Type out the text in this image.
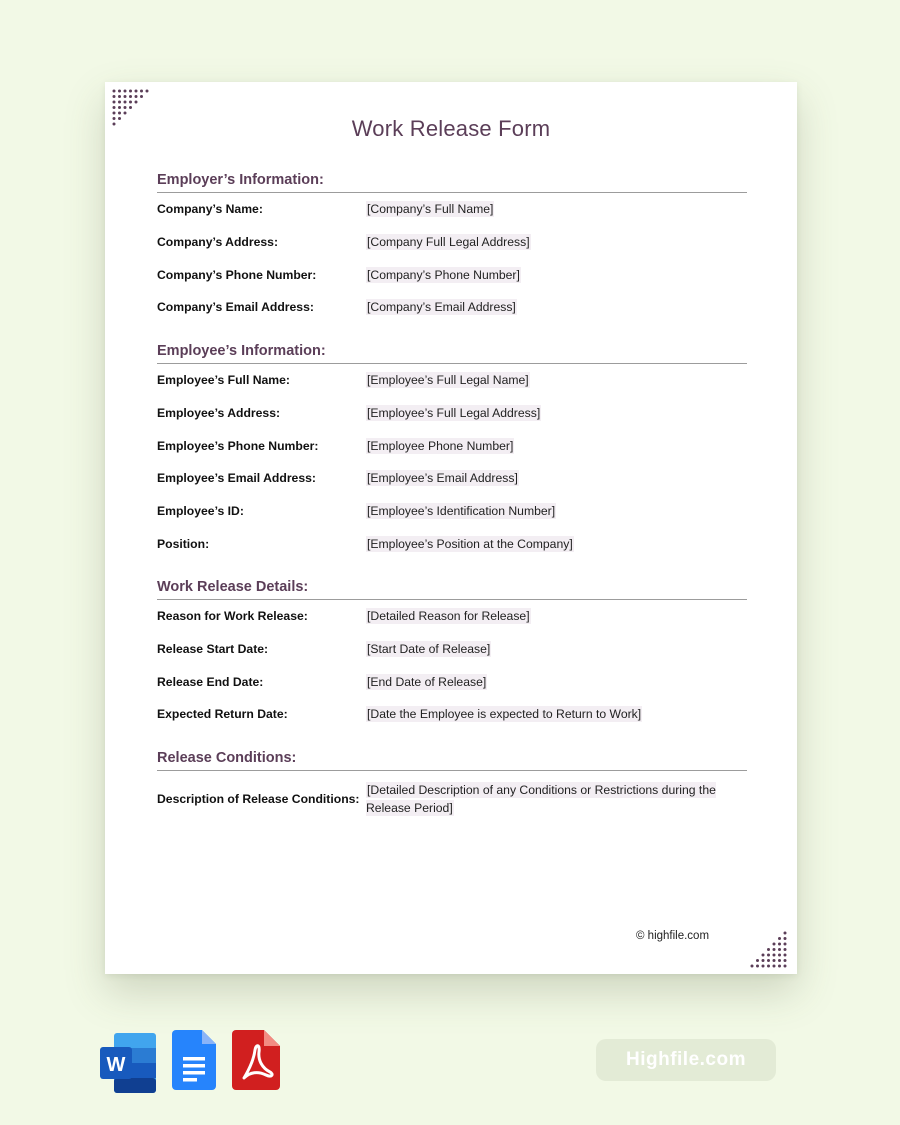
Work Release Form
Employer’s Information:
Company’s Name:	[Company’s Full Name]
Company’s Address:	[Company Full Legal Address]
Company’s Phone Number:	[Company’s Phone Number]
Company’s Email Address:	[Company’s Email Address]
Employee’s Information:
Employee’s Full Name:	[Employee’s Full Legal Name]
Employee’s Address:	[Employee’s Full Legal Address]
Employee’s Phone Number:	[Employee Phone Number]
Employee’s Email Address:	[Employee’s Email Address]
Employee’s ID:	[Employee’s Identification Number]
Position:	[Employee’s Position at the Company]
Work Release Details:
Reason for Work Release:	[Detailed Reason for Release]
Release Start Date:	[Start Date of Release]
Release End Date:	[End Date of Release]
Expected Return Date:	[Date the Employee is expected to Return to Work]
Release Conditions:
Description of Release Conditions:
[Detailed Description of any Conditions or Restrictions during the Release Period]
© highfile.com
W	Highfile.com
